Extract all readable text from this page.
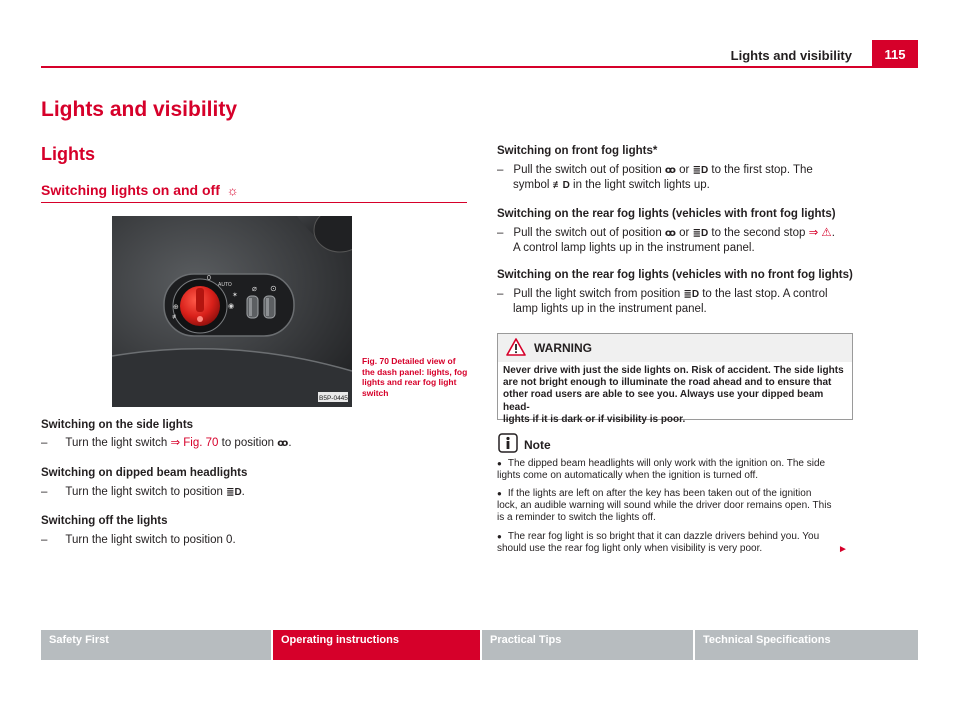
Lights and visibility	115
Lights and visibility
Lights
Switching lights on and off ☼
0
AUTO
✶
◉
⊕
≢
⌀ ⊙
B5P-0445
Fig. 70 Detailed view of the dash panel: lights, fog lights and rear fog light switch
Switching on the side lights
– Turn the light switch ⇒ Fig. 70 to position ꝏ.
Switching on dipped beam headlights
– Turn the light switch to position ≣D.
Switching off the lights
– Turn the light switch to position 0.
Switching on front fog lights*
– Pull the switch out of position ꝏ or ≣D to the first stop. The
symbol ≢D in the light switch lights up.
Switching on the rear fog lights (vehicles with front fog lights)
– Pull the switch out of position ꝏ or ≣D to the second stop ⇒ ⚠.
A control lamp lights up in the instrument panel.
Switching on the rear fog lights (vehicles with no front fog lights)
– Pull the light switch from position ≣D to the last stop. A control
lamp lights up in the instrument panel.
WARNING
Never drive with just the side lights on. Risk of accident. The side lights
are not bright enough to illuminate the road ahead and to ensure that
other road users are able to see you. Always use your dipped beam head-
lights if it is dark or if visibility is poor.
Note
● The dipped beam headlights will only work with the ignition on. The side
lights come on automatically when the ignition is turned off.
● If the lights are left on after the key has been taken out of the ignition
lock, an audible warning will sound while the driver door remains open. This
is a reminder to switch the lights off.
● The rear fog light is so bright that it can dazzle drivers behind you. You
should use the rear fog light only when visibility is very poor.	►
Safety First	Operating instructions	Practical Tips	Technical Specifications
